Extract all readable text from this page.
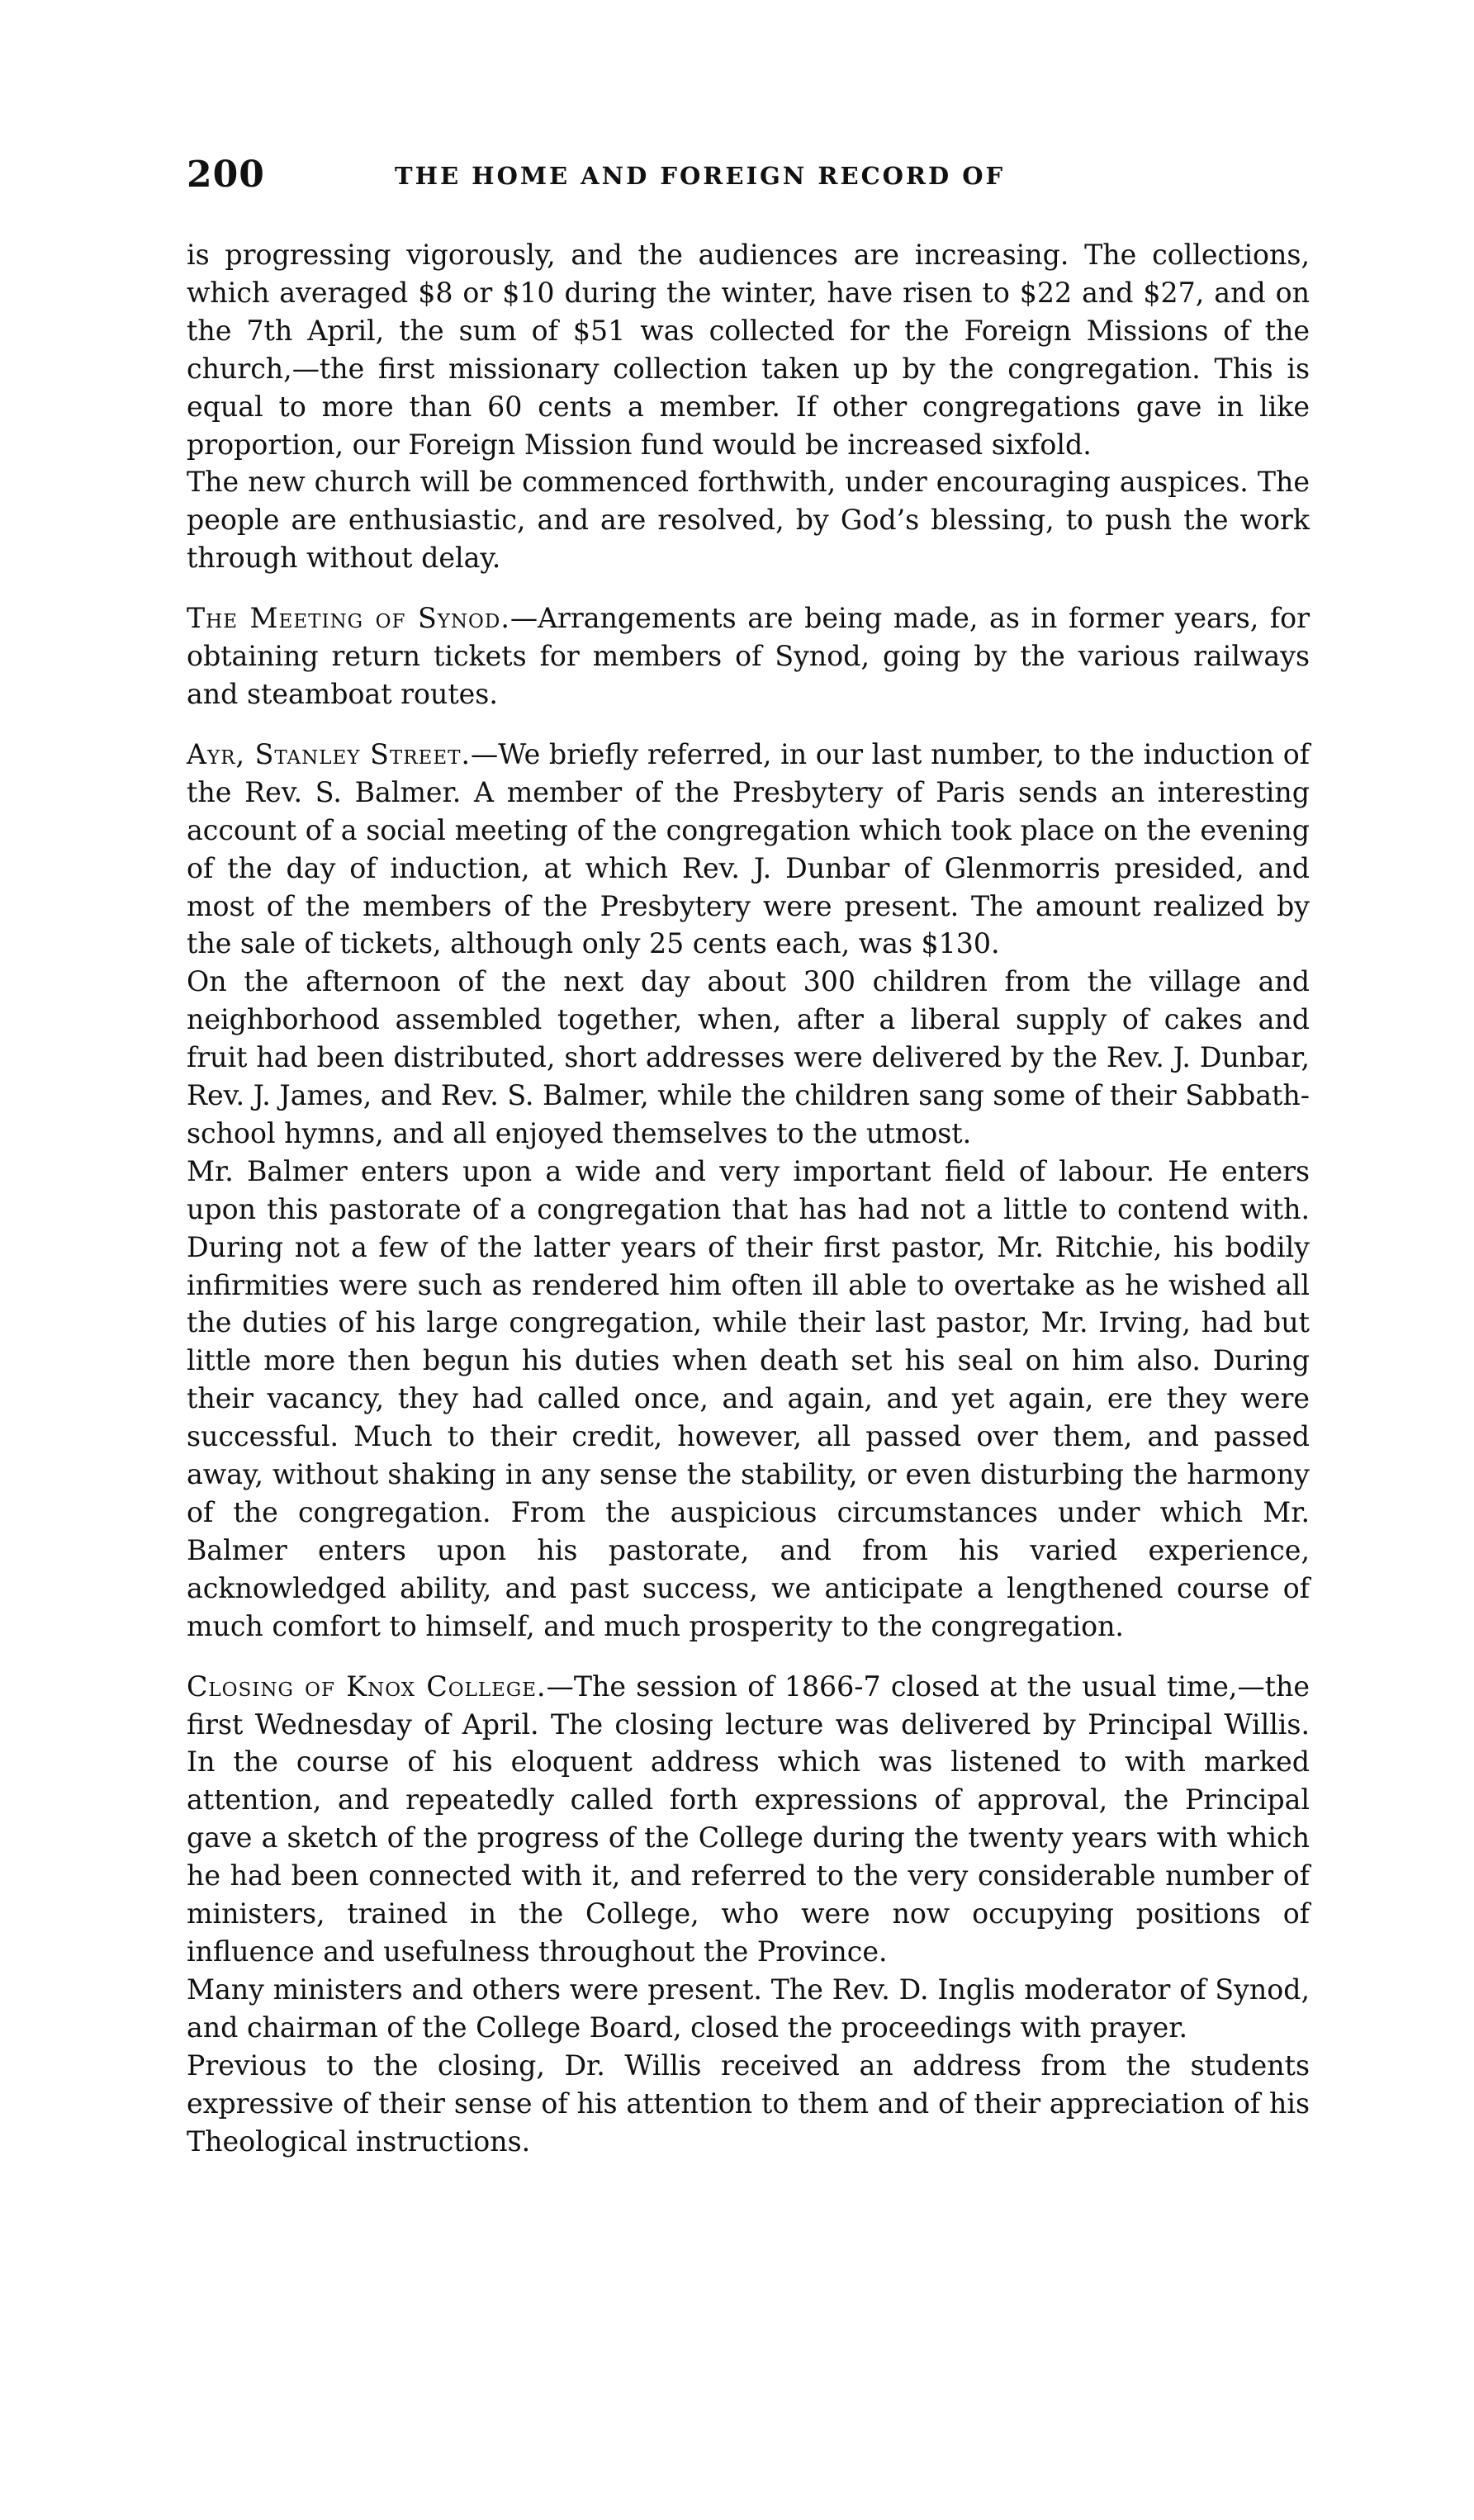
200	THE HOME AND FOREIGN RECORD OF

is progressing vigorously, and the audiences are increasing. The collections, which averaged $8 or $10 during the winter, have risen to $22 and $27, and on the 7th April, the sum of $51 was collected for the Foreign Missions of the church,—the first missionary collection taken up by the congregation. This is equal to more than 60 cents a member. If other congregations gave in like proportion, our Foreign Mission fund would be increased sixfold.

The new church will be commenced forthwith, under encouraging auspices. The people are enthusiastic, and are resolved, by God’s blessing, to push the work through without delay.

The Meeting of Synod.—Arrangements are being made, as in former years, for obtaining return tickets for members of Synod, going by the various railways and steamboat routes.

Ayr, Stanley Street.—We briefly referred, in our last number, to the induction of the Rev. S. Balmer. A member of the Presbytery of Paris sends an interesting account of a social meeting of the congregation which took place on the evening of the day of induction, at which Rev. J. Dunbar of Glenmorris presided, and most of the members of the Presbytery were present. The amount realized by the sale of tickets, although only 25 cents each, was $130.

On the afternoon of the next day about 300 children from the village and neighborhood assembled together, when, after a liberal supply of cakes and fruit had been distributed, short addresses were delivered by the Rev. J. Dunbar, Rev. J. James, and Rev. S. Balmer, while the children sang some of their Sabbath-school hymns, and all enjoyed themselves to the utmost.

Mr. Balmer enters upon a wide and very important field of labour. He enters upon this pastorate of a congregation that has had not a little to contend with. During not a few of the latter years of their first pastor, Mr. Ritchie, his bodily infirmities were such as rendered him often ill able to overtake as he wished all the duties of his large congregation, while their last pastor, Mr. Irving, had but little more then begun his duties when death set his seal on him also. During their vacancy, they had called once, and again, and yet again, ere they were successful. Much to their credit, however, all passed over them, and passed away, without shaking in any sense the stability, or even disturbing the harmony of the congregation. From the auspicious circumstances under which Mr. Balmer enters upon his pastorate, and from his varied experience, acknowledged ability, and past success, we anticipate a lengthened course of much comfort to himself, and much prosperity to the congregation.

Closing of Knox College.—The session of 1866-7 closed at the usual time,—the first Wednesday of April. The closing lecture was delivered by Principal Willis. In the course of his eloquent address which was listened to with marked attention, and repeatedly called forth expressions of approval, the Principal gave a sketch of the progress of the College during the twenty years with which he had been connected with it, and referred to the very considerable number of ministers, trained in the College, who were now occupying positions of influence and usefulness throughout the Province.

Many ministers and others were present. The Rev. D. Inglis moderator of Synod, and chairman of the College Board, closed the proceedings with prayer.

Previous to the closing, Dr. Willis received an address from the students expressive of their sense of his attention to them and of their appreciation of his Theological instructions.
